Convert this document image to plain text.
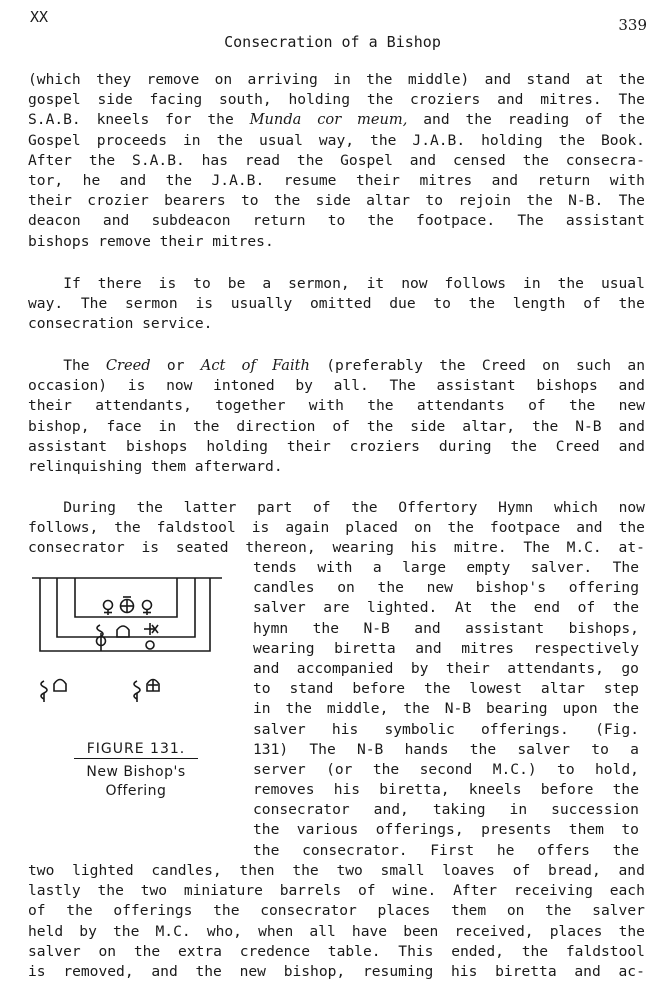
XX	339
Consecration of a Bishop
(which they remove on arriving in the middle) and stand at the
gospel side facing south, holding the croziers and mitres. The
S.A.B. kneels for the Munda cor meum, and the reading of the
Gospel proceeds in the usual way, the J.A.B. holding the Book.
After the S.A.B. has read the Gospel and censed the consecra-
tor, he and the J.A.B. resume their mitres and return with
their crozier bearers to the side altar to rejoin the N-B. The
deacon and subdeacon return to the footpace. The assistant
bishops remove their mitres.
If there is to be a sermon, it now follows in the usual
way. The sermon is usually omitted due to the length of the
consecration service.
The Creed or Act of Faith (preferably the Creed on such an
occasion) is now intoned by all. The assistant bishops and
their attendants, together with the attendants of the new
bishop, face in the direction of the side altar, the N-B and
assistant bishops holding their croziers during the Creed and
relinquishing them afterward.
During the latter part of the Offertory Hymn which now
follows, the faldstool is again placed on the footpace and the
consecrator is seated thereon, wearing his mitre. The M.C. at-
tends with a large empty salver. The
candles on the new bishop's offering
salver are lighted. At the end of the
hymn the N-B and assistant bishops,
wearing biretta and mitres respectively
and accompanied by their attendants, go
to stand before the lowest altar step
in the middle, the N-B bearing upon the
salver his symbolic offerings. (Fig.
131) The N-B hands the salver to a
server (or the second M.C.) to hold,
removes his biretta, kneels before the
consecrator and, taking in succession
the various offerings, presents them to
the consecrator. First he offers the
two lighted candles, then the two small loaves of bread, and
lastly the two miniature barrels of wine. After receiving each
of the offerings the consecrator places them on the salver
held by the M.C. who, when all have been received, places the
salver on the extra credence table. This ended, the faldstool
is removed, and the new bishop, resuming his biretta and ac-
FIGURE 131.
New Bishop's
Offering
